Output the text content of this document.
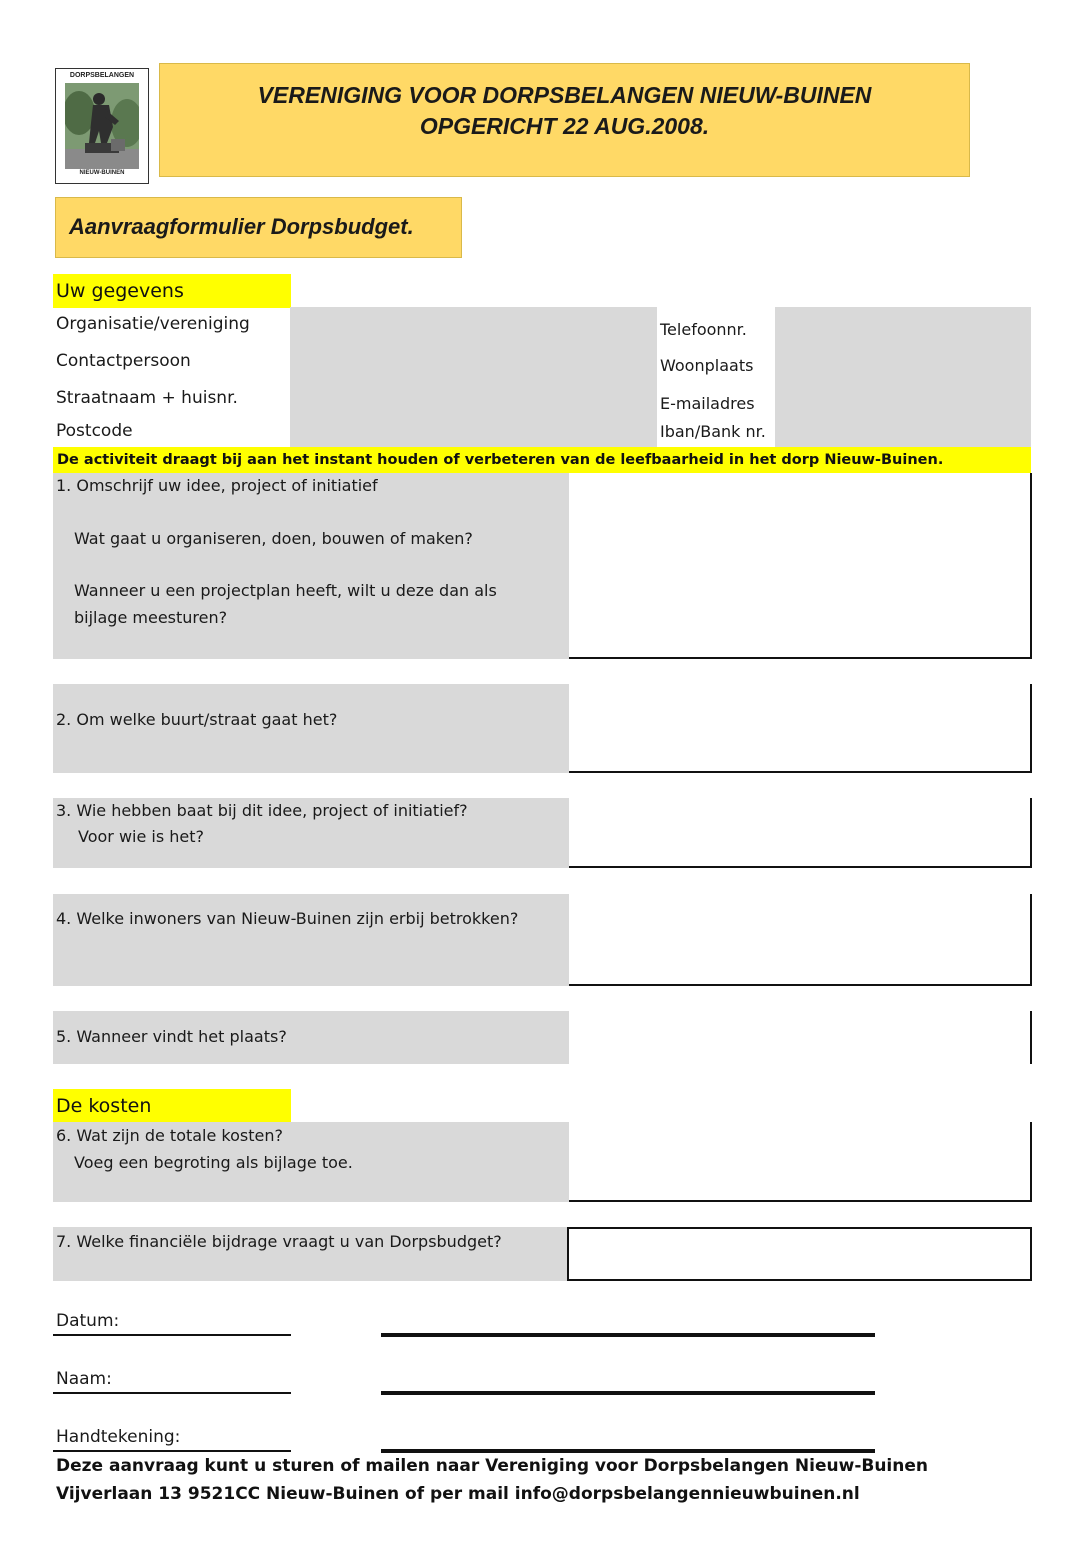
DORPSBELANGEN
NIEUW-BUINEN
VERENIGING VOOR DORPSBELANGEN NIEUW-BUINEN
OPGERICHT 22 AUG.2008.
Aanvraagformulier Dorpsbudget.
Uw gegevens
Organisatie/vereniging
Contactpersoon
Straatnaam + huisnr.
Postcode
Telefoonnr.
Woonplaats
E-mailadres
Iban/Bank nr.
De activiteit draagt bij aan het instant houden of verbeteren van de leefbaarheid in het dorp Nieuw-Buinen.
1. Omschrijf uw idee, project of initiatief
Wat gaat u organiseren, doen, bouwen of maken?
Wanneer u een projectplan heeft, wilt u deze dan als
bijlage meesturen?
2. Om welke buurt/straat gaat het?
3. Wie hebben baat bij dit idee, project of initiatief?
Voor wie is het?
4. Welke inwoners van Nieuw-Buinen zijn erbij betrokken?
5. Wanneer vindt het plaats?
De kosten
6. Wat zijn de totale kosten?
Voeg een begroting als bijlage toe.
7. Welke financiële bijdrage vraagt u van Dorpsbudget?
Datum:
Naam:
Handtekening:
Deze aanvraag kunt u sturen of mailen naar Vereniging voor Dorpsbelangen Nieuw-Buinen
Vijverlaan 13 9521CC Nieuw-Buinen of per mail info@dorpsbelangennieuwbuinen.nl
